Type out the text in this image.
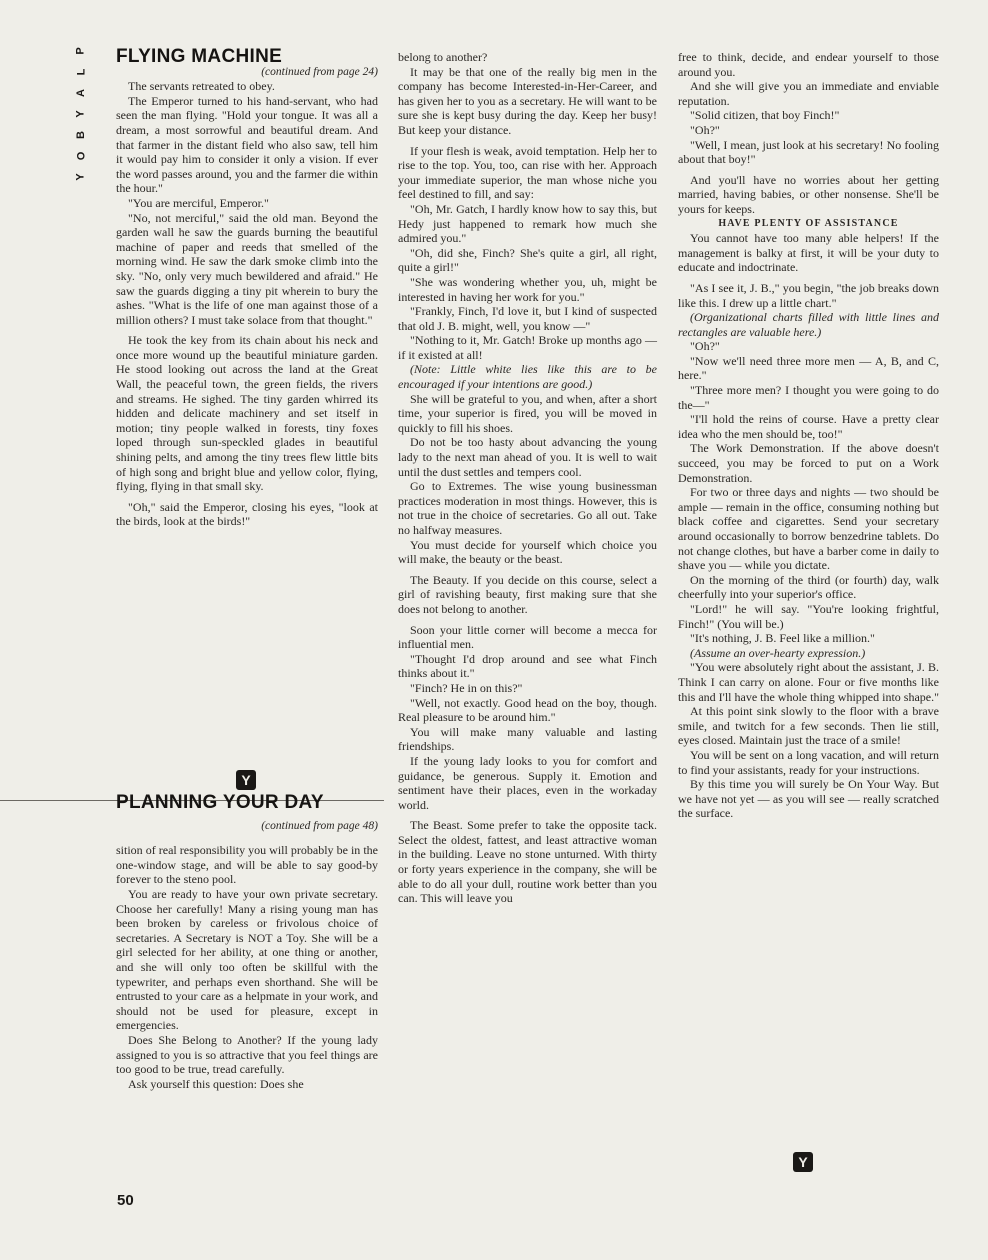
P
L
A
Y
B
O
Y
FLYING MACHINE

(continued from page 24)

The servants retreated to obey.

The Emperor turned to his hand-servant, who had seen the man flying. "Hold your tongue. It was all a dream, a most sorrowful and beautiful dream. And that farmer in the distant field who also saw, tell him it would pay him to consider it only a vision. If ever the word passes around, you and the farmer die within the hour."

"You are merciful, Emperor."

"No, not merciful," said the old man. Beyond the garden wall he saw the guards burning the beautiful machine of paper and reeds that smelled of the morning wind. He saw the dark smoke climb into the sky. "No, only very much bewildered and afraid." He saw the guards digging a tiny pit wherein to bury the ashes. "What is the life of one man against those of a million others? I must take solace from that thought."

He took the key from its chain about his neck and once more wound up the beautiful miniature garden. He stood looking out across the land at the Great Wall, the peaceful town, the green fields, the rivers and streams. He sighed. The tiny garden whirred its hidden and delicate machinery and set itself in motion; tiny people walked in forests, tiny foxes loped through sun-speckled glades in beautiful shining pelts, and among the tiny trees flew little bits of high song and bright blue and yellow color, flying, flying, flying in that small sky.

"Oh," said the Emperor, closing his eyes, "look at the birds, look at the birds!"

Y
PLANNING YOUR DAY

(continued from page 48)

sition of real responsibility you will probably be in the one-window stage, and will be able to say good-by forever to the steno pool.

You are ready to have your own private secretary. Choose her carefully! Many a rising young man has been broken by careless or frivolous choice of secretaries. A Secretary is NOT a Toy. She will be a girl selected for her ability, at one thing or another, and she will only too often be skillful with the typewriter, and perhaps even shorthand. She will be entrusted to your care as a helpmate in your work, and should not be used for pleasure, except in emergencies.

Does She Belong to Another? If the young lady assigned to you is so attractive that you feel things are too good to be true, tread carefully.

Ask yourself this question: Does she

belong to another?

It may be that one of the really big men in the company has become Interested-in-Her-Career, and has given her to you as a secretary. He will want to be sure she is kept busy during the day. Keep her busy! But keep your distance.

If your flesh is weak, avoid temptation. Help her to rise to the top. You, too, can rise with her. Approach your immediate superior, the man whose niche you feel destined to fill, and say:

"Oh, Mr. Gatch, I hardly know how to say this, but Hedy just happened to remark how much she admired you."

"Oh, did she, Finch? She's quite a girl, all right, quite a girl!"

"She was wondering whether you, uh, might be interested in having her work for you."

"Frankly, Finch, I'd love it, but I kind of suspected that old J. B. might, well, you know —"

"Nothing to it, Mr. Gatch! Broke up months ago — if it existed at all!

(Note: Little white lies like this are to be encouraged if your intentions are good.)

She will be grateful to you, and when, after a short time, your superior is fired, you will be moved in quickly to fill his shoes.

Do not be too hasty about advancing the young lady to the next man ahead of you. It is well to wait until the dust settles and tempers cool.

Go to Extremes. The wise young businessman practices moderation in most things. However, this is not true in the choice of secretaries. Go all out. Take no halfway measures.

You must decide for yourself which choice you will make, the beauty or the beast.

The Beauty. If you decide on this course, select a girl of ravishing beauty, first making sure that she does not belong to another.

Soon your little corner will become a mecca for influential men.

"Thought I'd drop around and see what Finch thinks about it."

"Finch? He in on this?"

"Well, not exactly. Good head on the boy, though. Real pleasure to be around him."

You will make many valuable and lasting friendships.

If the young lady looks to you for comfort and guidance, be generous. Supply it. Emotion and sentiment have their places, even in the workaday world.

The Beast. Some prefer to take the opposite tack. Select the oldest, fattest, and least attractive woman in the building. Leave no stone unturned. With thirty or forty years experience in the company, she will be able to do all your dull, routine work better than you can. This will leave you

free to think, decide, and endear yourself to those around you.

And she will give you an immediate and enviable reputation.

"Solid citizen, that boy Finch!"

"Oh?"

"Well, I mean, just look at his secretary! No fooling about that boy!"

And you'll have no worries about her getting married, having babies, or other nonsense. She'll be yours for keeps.

HAVE PLENTY OF ASSISTANCE

You cannot have too many able helpers! If the management is balky at first, it will be your duty to educate and indoctrinate.

"As I see it, J. B.," you begin, "the job breaks down like this. I drew up a little chart."

(Organizational charts filled with little lines and rectangles are valuable here.)

"Oh?"

"Now we'll need three more men — A, B, and C, here."

"Three more men? I thought you were going to do the—"

"I'll hold the reins of course. Have a pretty clear idea who the men should be, too!"

The Work Demonstration. If the above doesn't succeed, you may be forced to put on a Work Demonstration.

For two or three days and nights — two should be ample — remain in the office, consuming nothing but black coffee and cigarettes. Send your secretary around occasionally to borrow benzedrine tablets. Do not change clothes, but have a barber come in daily to shave you — while you dictate.

On the morning of the third (or fourth) day, walk cheerfully into your superior's office.

"Lord!" he will say. "You're looking frightful, Finch!" (You will be.)

"It's nothing, J. B. Feel like a million."

(Assume an over-hearty expression.)

"You were absolutely right about the assistant, J. B. Think I can carry on alone. Four or five months like this and I'll have the whole thing whipped into shape."

At this point sink slowly to the floor with a brave smile, and twitch for a few seconds. Then lie still, eyes closed. Maintain just the trace of a smile!

You will be sent on a long vacation, and will return to find your assistants, ready for your instructions.

By this time you will surely be On Your Way. But we have not yet — as you will see — really scratched the surface.

Y
50
